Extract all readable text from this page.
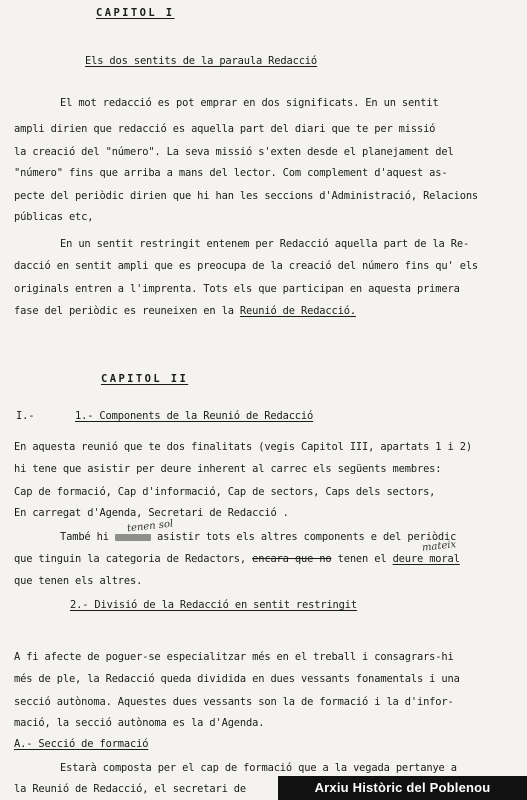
CAPITOL I
Els dos sentits de la paraula Redacció
El mot redacció es pot emprar en dos significats. En un sentit
ampli dirien que redacció es aquella part del diari que te per missió
la creació del "número". La seva missió s'exten desde el planejament del
"número" fins que arriba a mans del lector. Com complement d'aquest as-
pecte del periòdic dirien que hi han les seccions d'Administració, Relacions
públicas etc,
En un sentit restringit entenem per Redacció aquella part de la Re-
dacció en sentit ampli que es preocupa de la creació del número fins qu' els
originals entren a l'imprenta. Tots els que participan en aquesta primera
fase del periòdic es reuneixen en la Reunió de Redacció.
CAPITOL II
I.-	1.- Components de la Reunió de Redacció
En aquesta reunió que te dos finalitats (vegis Capitol III, apartats 1 i 2)
hi tene que asistir per deure inherent al carrec els següents membres:
Cap de formació, Cap d'informació, Cap de sectors, Caps dels sectors,
En carregat d'Agenda, Secretari de Redacció .
tenen sol
També hi	asistir tots els altres components e del periòdic
mateix
que tinguin la categoria de Redactors, encara que no tenen el deure moral
que tenen els altres.
2.- Divisió de la Redacció en sentit restringit
A fi afecte de poguer-se especialitzar més en el treball i consagrars-hi
més de ple, la Redacció queda dividida en dues vessants fonamentals i una
secció autònoma. Aquestes dues vessants son la de formació i la d'infor-
mació, la secció autònoma es la d'Agenda.
A.- Secció de formació
Estarà composta per el cap de formació que a la vegada pertanye a
la Reunió de Redacció, el secretari de	Arxiu Històric del Poblenou
